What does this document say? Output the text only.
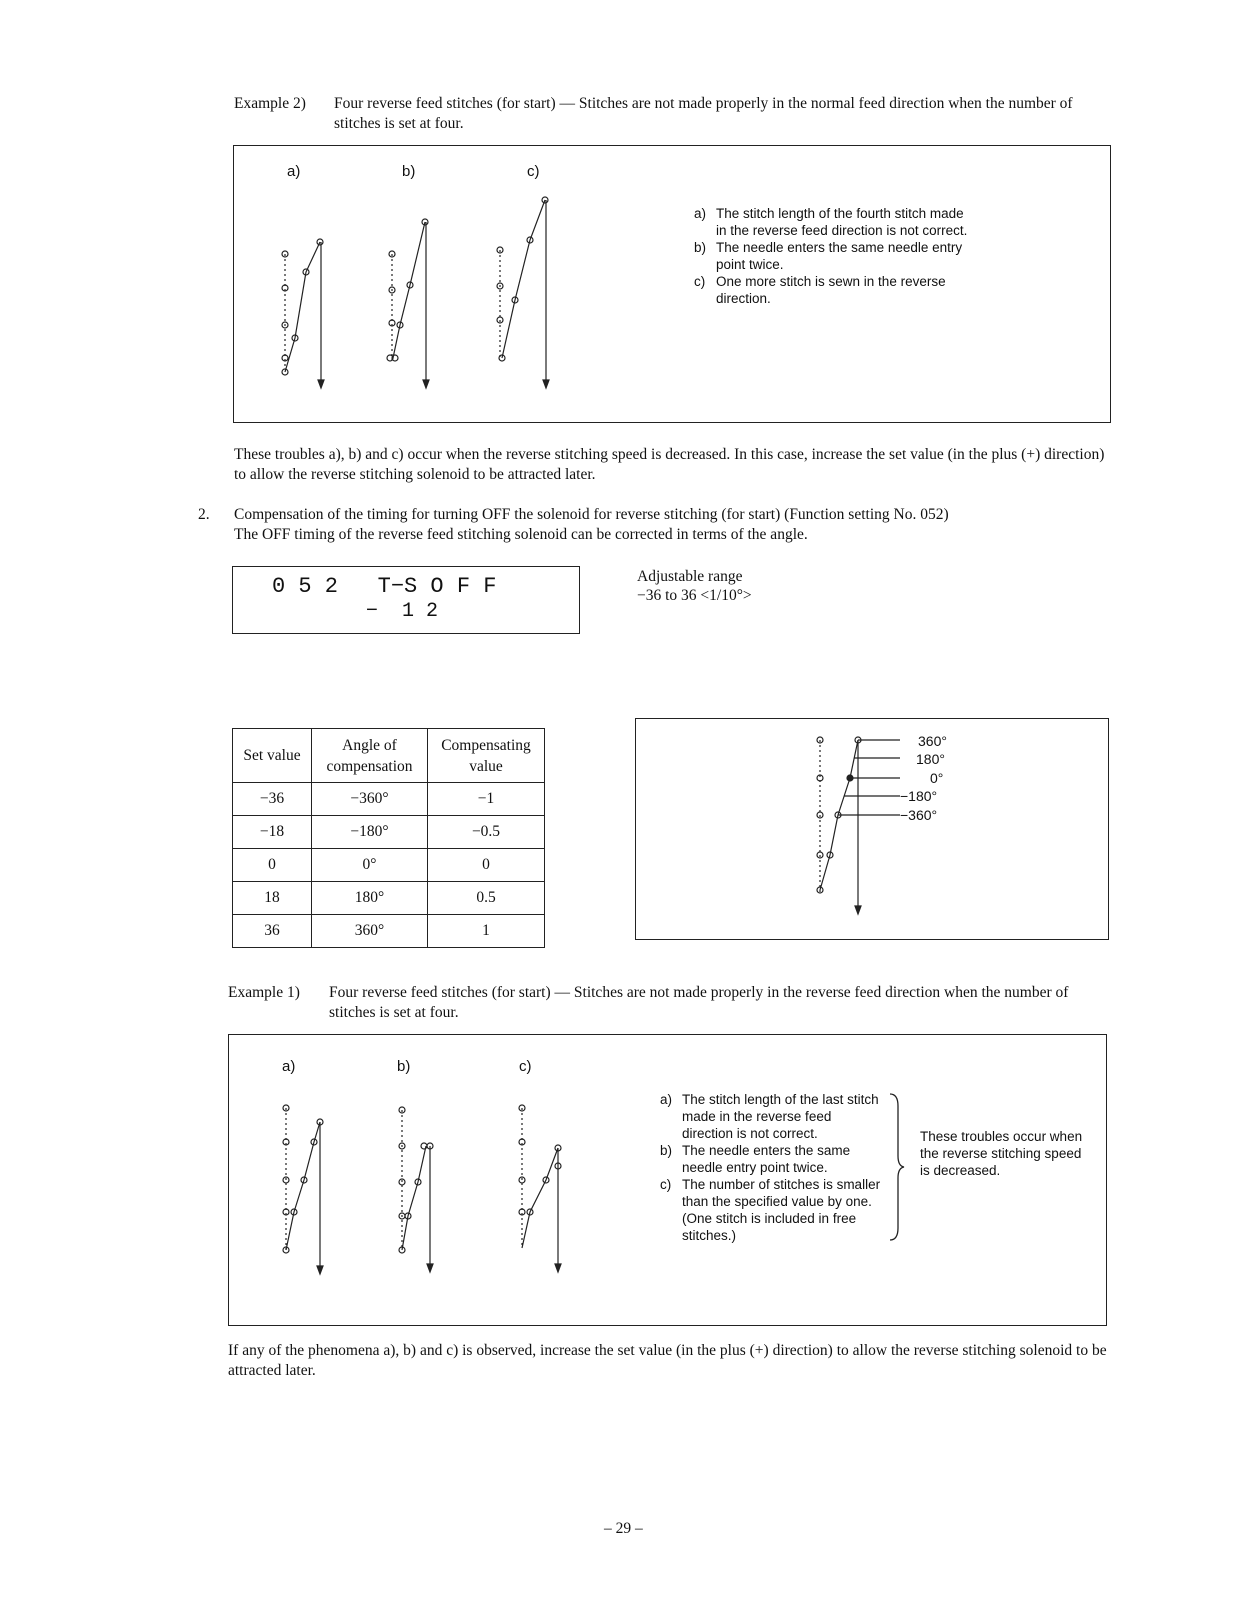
Example 2) Four reverse feed stitches (for start) — Stitches are not made properly in the normal feed direction when the number of stitches is set at four.
a)	b)	c)
a) The stitch length of the fourth stitch made in the reverse feed direction is not correct.
b) The needle enters the same needle entry point twice.
c) One more stitch is sewn in the reverse direction.
These troubles a), b) and c) occur when the reverse stitching speed is decreased. In this case, increase the set value (in the plus (+) direction) to allow the reverse stitching solenoid to be attracted later.
2. Compensation of the timing for turning OFF the solenoid for reverse stitching (for start) (Function setting No. 052)
The OFF timing of the reverse feed stitching solenoid can be corrected in terms of the angle.
0 5 2   T−S O F F
−  1 2
Adjustable range
−36 to 36 <1/10°>
Set value	Angle of compensation	Compensating value
−36	−360°	−1
−18	−180°	−0.5
0	0°	0
18	180°	0.5
36	360°	1
360°
180°
0°
−180°
−360°
Example 1) Four reverse feed stitches (for start) — Stitches are not made properly in the reverse feed direction when the number of stitches is set at four.
a)	b)	c)
a) The stitch length of the last stitch made in the reverse feed direction is not correct.
b) The needle enters the same needle entry point twice.
c) The number of stitches is smaller than the specified value by one. (One stitch is included in free stitches.)
These troubles occur when the reverse stitching speed is decreased.
If any of the phenomena a), b) and c) is observed, increase the set value (in the plus (+) direction) to allow the reverse stitching solenoid to be attracted later.
– 29 –
